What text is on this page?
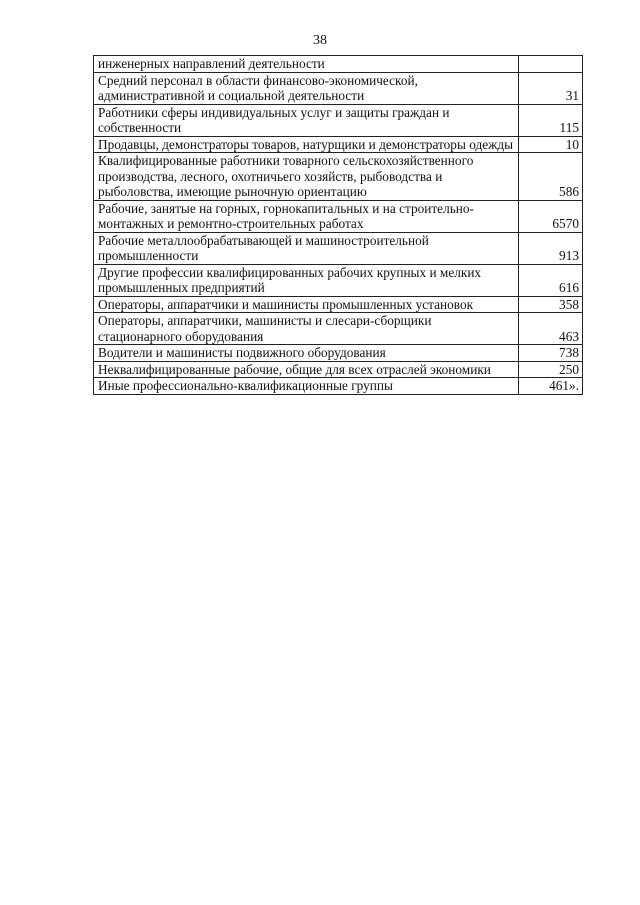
38
инженерных направлений деятельности	
Средний персонал в области финансово-экономической, административной и социальной деятельности	31
Работники сферы индивидуальных услуг и защиты граждан и собственности	115
Продавцы, демонстраторы товаров, натурщики и демонстраторы одежды	10
Квалифицированные работники товарного сельскохозяйственного производства, лесного, охотничьего хозяйств, рыбоводства и рыболовства, имеющие рыночную ориентацию	586
Рабочие, занятые на горных, горнокапитальных и на строительно-монтажных и ремонтно-строительных работах	6570
Рабочие металлообрабатывающей и машиностроительной промышленности	913
Другие профессии квалифицированных рабочих крупных и мелких промышленных предприятий	616
Операторы, аппаратчики и машинисты промышленных установок	358
Операторы, аппаратчики, машинисты и слесари-сборщики стационарного оборудования	463
Водители и машинисты подвижного оборудования	738
Неквалифицированные рабочие, общие для всех отраслей экономики	250
Иные профессионально-квалификационные группы	461».
